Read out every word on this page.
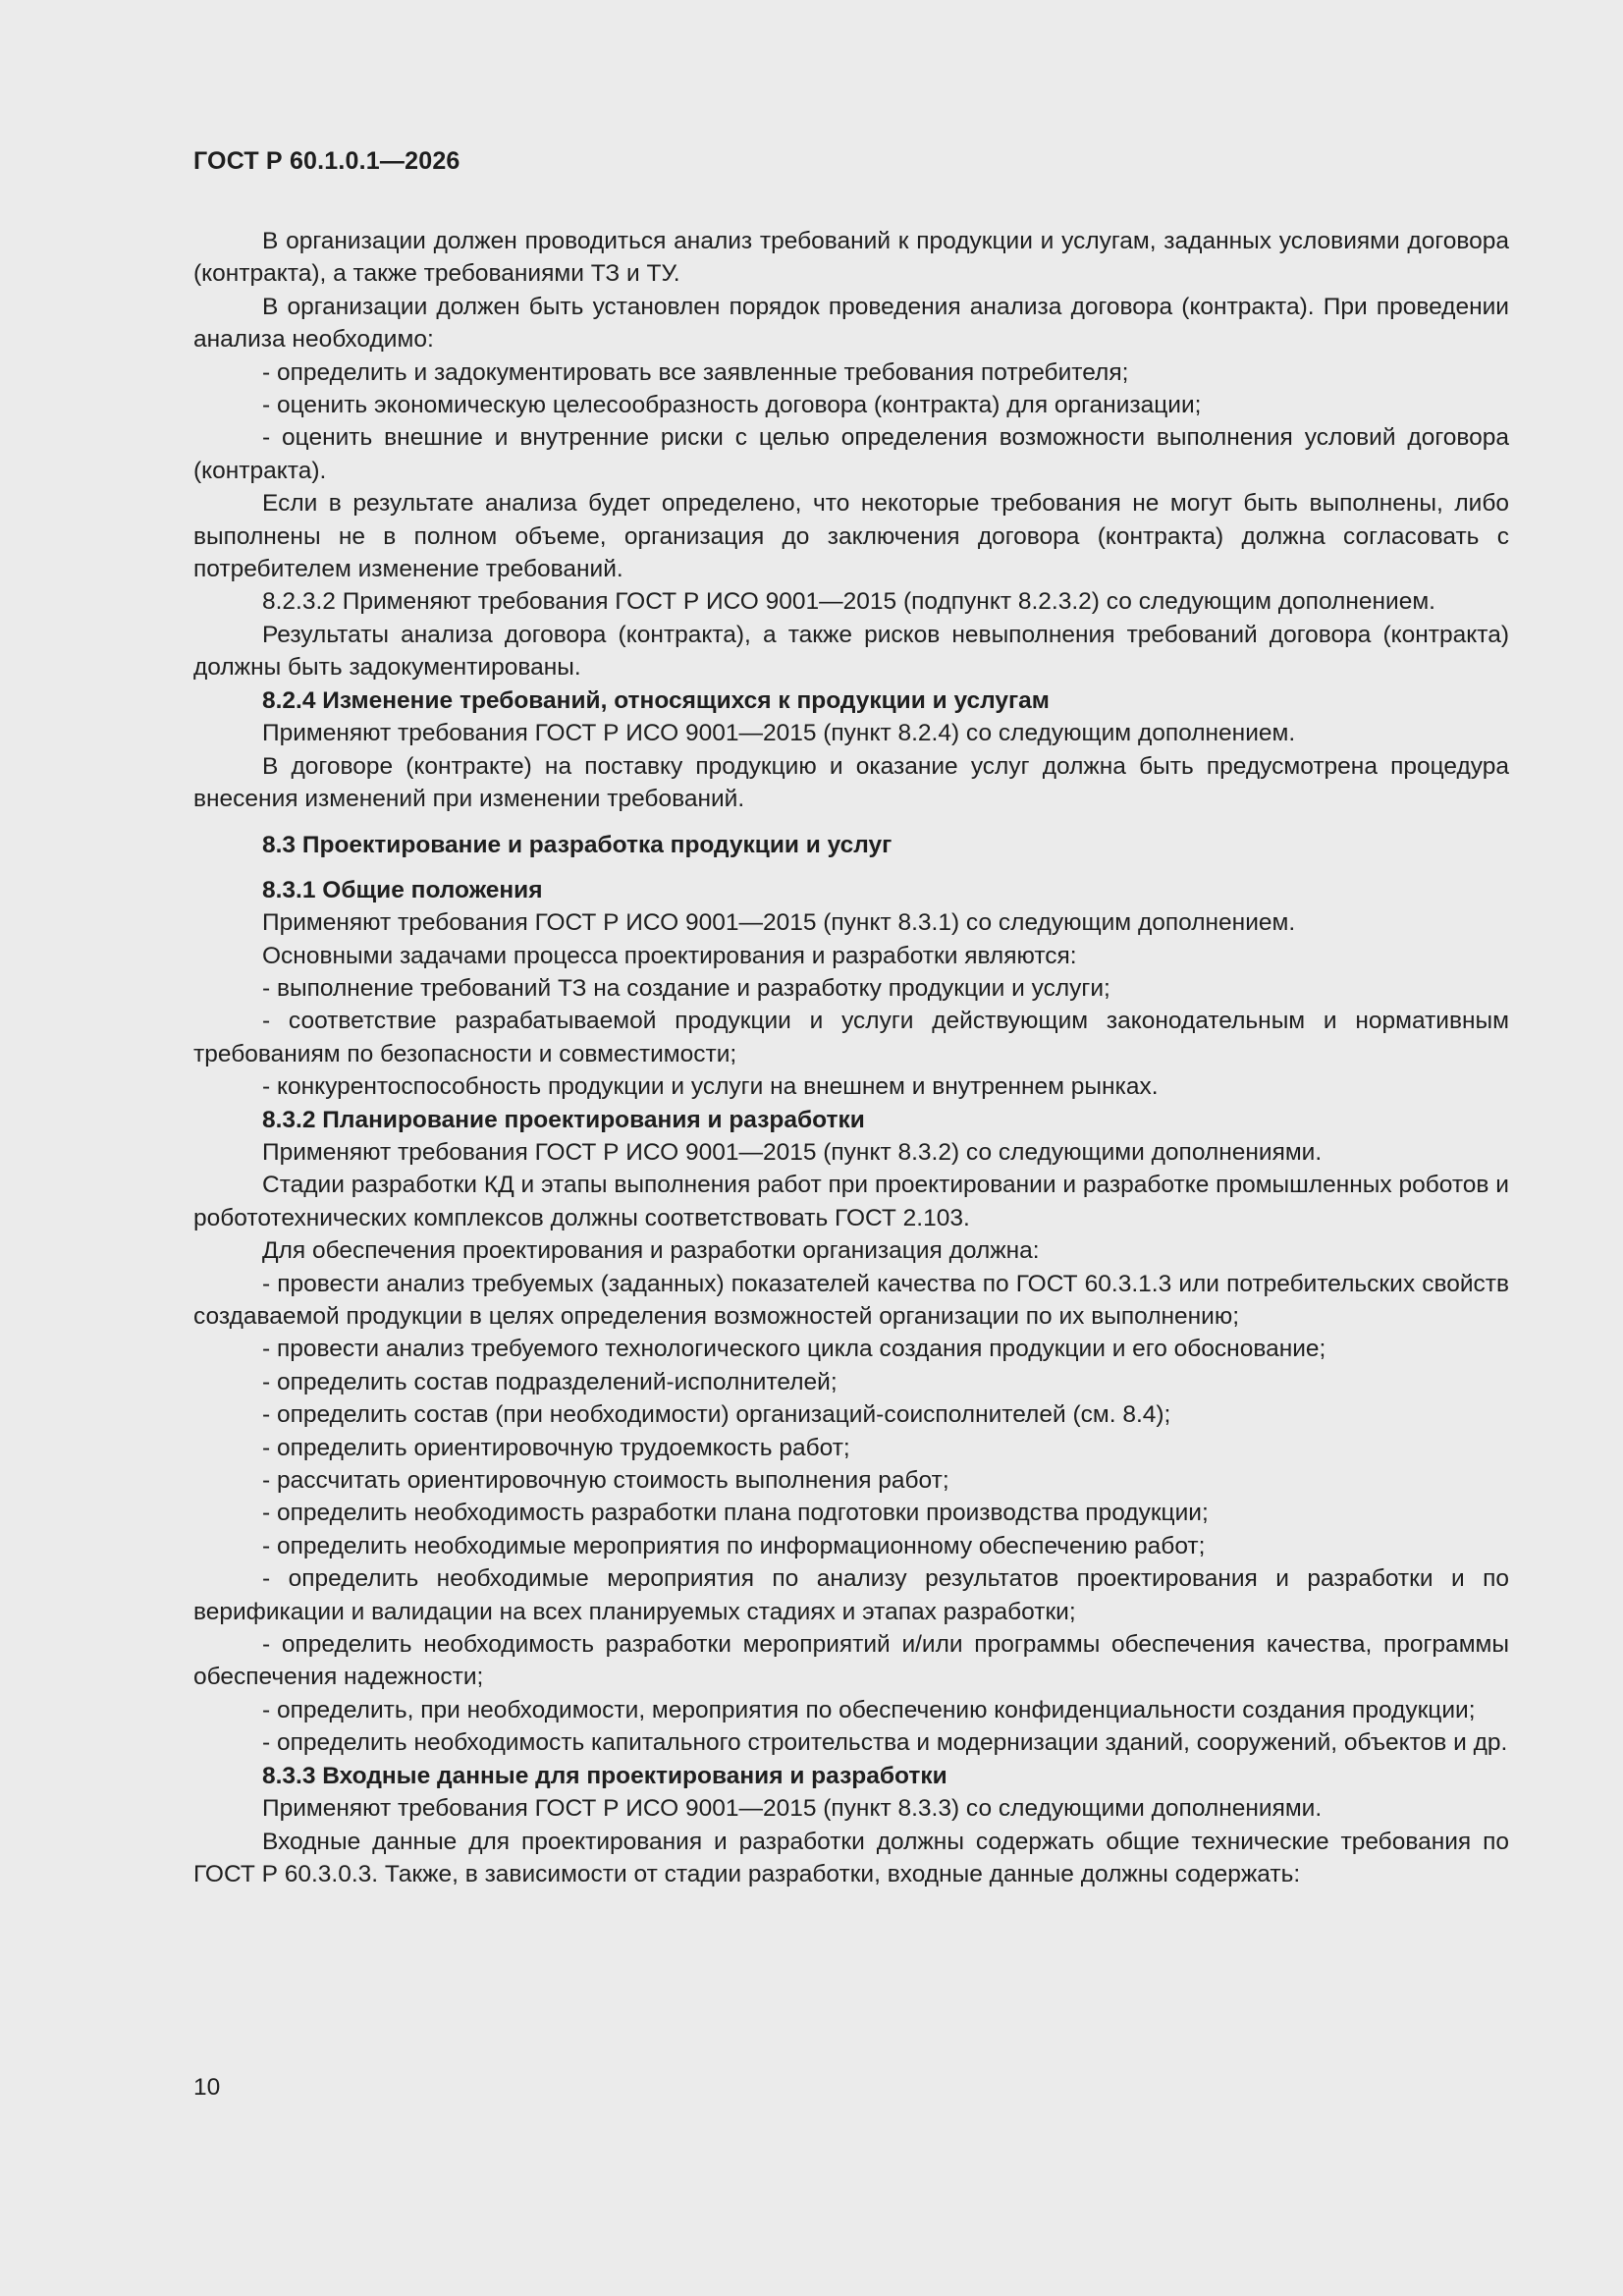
ГОСТ Р 60.1.0.1—2026

В организации должен проводиться анализ требований к продукции и услугам, заданных условиями договора (контракта), а также требованиями ТЗ и ТУ.

В организации должен быть установлен порядок проведения анализа договора (контракта). При проведении анализа необходимо:

- определить и задокументировать все заявленные требования потребителя;

- оценить экономическую целесообразность договора (контракта) для организации;

- оценить внешние и внутренние риски с целью определения возможности выполнения условий договора (контракта).

Если в результате анализа будет определено, что некоторые требования не могут быть выполнены, либо выполнены не в полном объеме, организация до заключения договора (контракта) должна согласовать с потребителем изменение требований.

8.2.3.2 Применяют требования ГОСТ Р ИСО 9001—2015 (подпункт 8.2.3.2) со следующим дополнением.

Результаты анализа договора (контракта), а также рисков невыполнения требований договора (контракта) должны быть задокументированы.

8.2.4 Изменение требований, относящихся к продукции и услугам

Применяют требования ГОСТ Р ИСО 9001—2015 (пункт 8.2.4) со следующим дополнением.

В договоре (контракте) на поставку продукцию и оказание услуг должна быть предусмотрена процедура внесения изменений при изменении требований.

8.3 Проектирование и разработка продукции и услуг

8.3.1 Общие положения

Применяют требования ГОСТ Р ИСО 9001—2015 (пункт 8.3.1) со следующим дополнением.

Основными задачами процесса проектирования и разработки являются:

- выполнение требований ТЗ на создание и разработку продукции и услуги;

- соответствие разрабатываемой продукции и услуги действующим законодательным и нормативным требованиям по безопасности и совместимости;

- конкурентоспособность продукции и услуги на внешнем и внутреннем рынках.

8.3.2 Планирование проектирования и разработки

Применяют требования ГОСТ Р ИСО 9001—2015 (пункт 8.3.2) со следующими дополнениями.

Стадии разработки КД и этапы выполнения работ при проектировании и разработке промышленных роботов и робототехнических комплексов должны соответствовать ГОСТ 2.103.

Для обеспечения проектирования и разработки организация должна:

- провести анализ требуемых (заданных) показателей качества по ГОСТ 60.3.1.3 или потребительских свойств создаваемой продукции в целях определения возможностей организации по их выполнению;

- провести анализ требуемого технологического цикла создания продукции и его обоснование;

- определить состав подразделений-исполнителей;

- определить состав (при необходимости) организаций-соисполнителей (см. 8.4);

- определить ориентировочную трудоемкость работ;

- рассчитать ориентировочную стоимость выполнения работ;

- определить необходимость разработки плана подготовки производства продукции;

- определить необходимые мероприятия по информационному обеспечению работ;

- определить необходимые мероприятия по анализу результатов проектирования и разработки и по верификации и валидации на всех планируемых стадиях и этапах разработки;

- определить необходимость разработки мероприятий и/или программы обеспечения качества, программы обеспечения надежности;

- определить, при необходимости, мероприятия по обеспечению конфиденциальности создания продукции;

- определить необходимость капитального строительства и модернизации зданий, сооружений, объектов и др.

8.3.3 Входные данные для проектирования и разработки

Применяют требования ГОСТ Р ИСО 9001—2015 (пункт 8.3.3) со следующими дополнениями.

Входные данные для проектирования и разработки должны содержать общие технические требования по ГОСТ Р 60.3.0.3. Также, в зависимости от стадии разработки, входные данные должны содержать:

10
